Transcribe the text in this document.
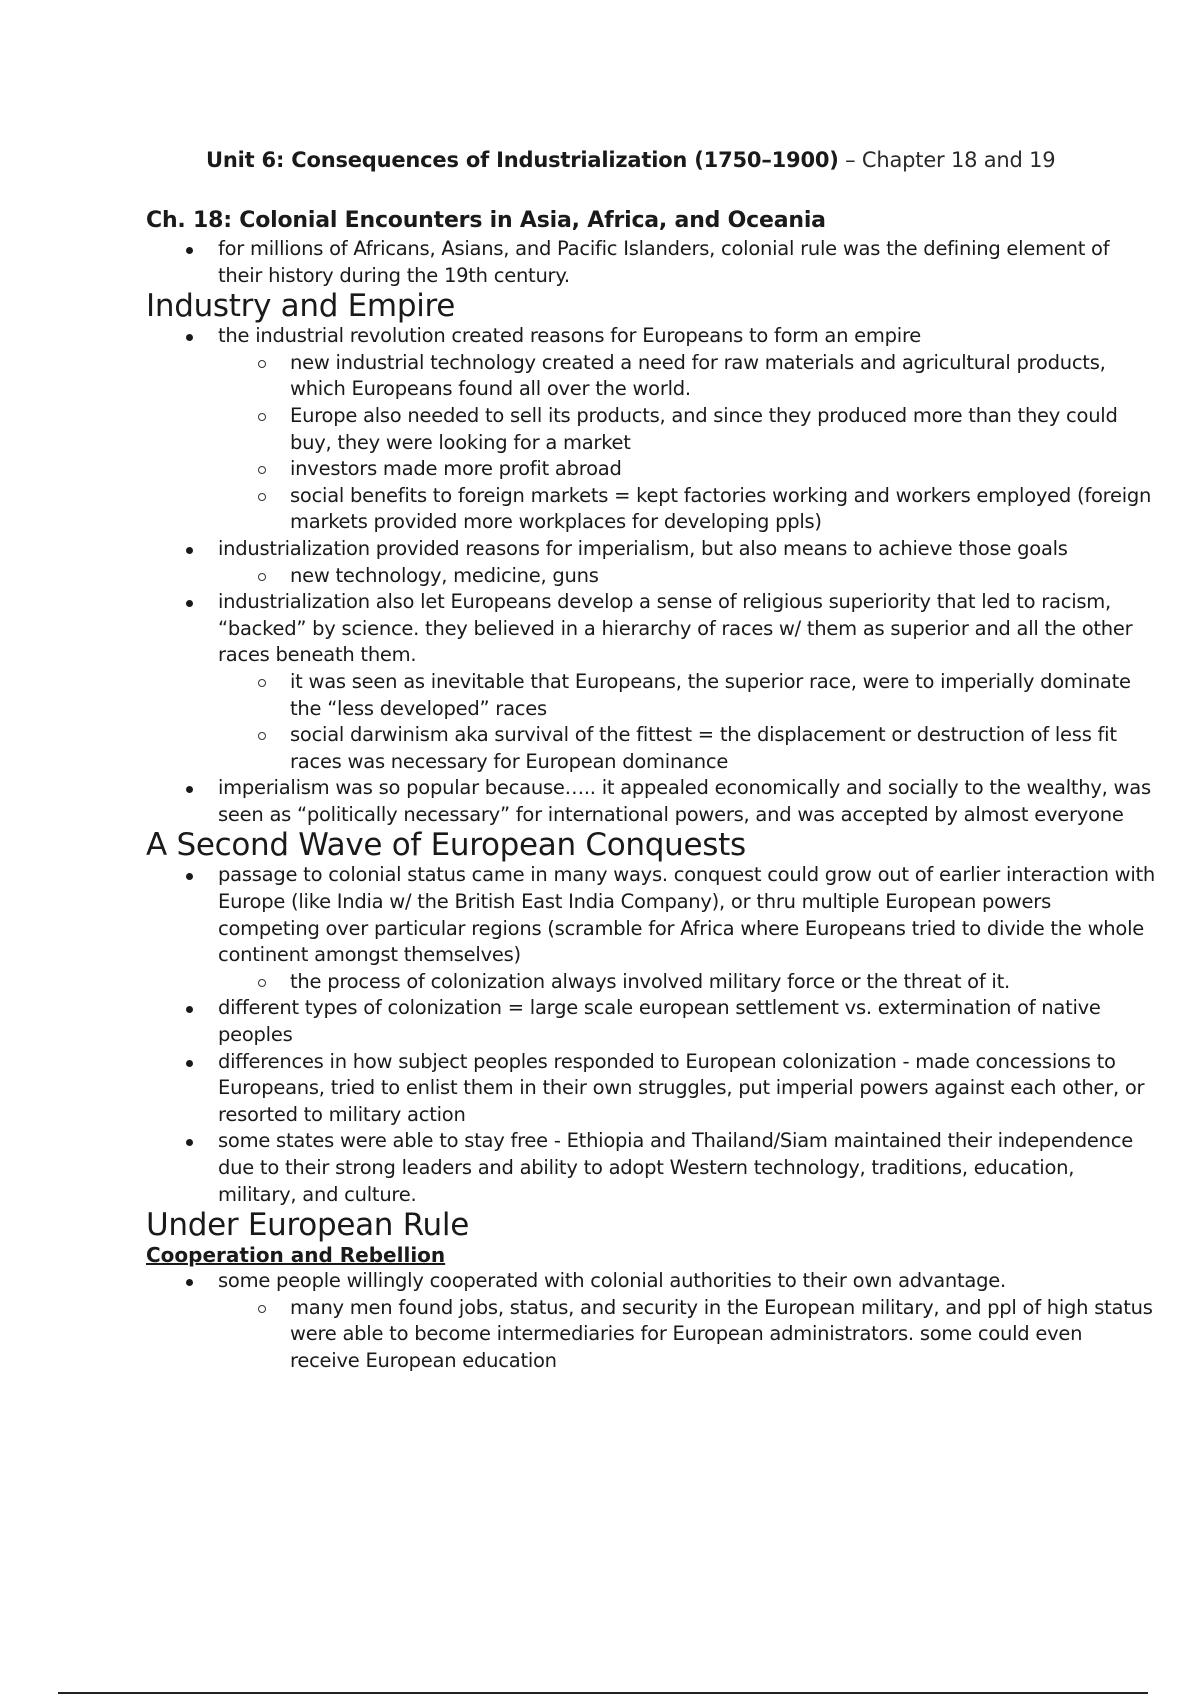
Unit 6: Consequences of Industrialization (1750–1900) – Chapter 18 and 19
Ch. 18: Colonial Encounters in Asia, Africa, and Oceania
for millions of Africans, Asians, and Pacific Islanders, colonial rule was the defining element of their history during the 19th century.
Industry and Empire
the industrial revolution created reasons for Europeans to form an empire
new industrial technology created a need for raw materials and agricultural products, which Europeans found all over the world.
Europe also needed to sell its products, and since they produced more than they could buy, they were looking for a market
investors made more profit abroad
social benefits to foreign markets = kept factories working and workers employed (foreign markets provided more workplaces for developing ppls)
industrialization provided reasons for imperialism, but also means to achieve those goals
new technology, medicine, guns
industrialization also let Europeans develop a sense of religious superiority that led to racism, “backed” by science. they believed in a hierarchy of races w/ them as superior and all the other races beneath them.
it was seen as inevitable that Europeans, the superior race, were to imperially dominate the “less developed” races
social darwinism aka survival of the fittest = the displacement or destruction of less fit races was necessary for European dominance
imperialism was so popular because….. it appealed economically and socially to the wealthy, was seen as “politically necessary” for international powers, and was accepted by almost everyone
A Second Wave of European Conquests
passage to colonial status came in many ways. conquest could grow out of earlier interaction with Europe (like India w/ the British East India Company), or thru multiple European powers competing over particular regions (scramble for Africa where Europeans tried to divide the whole continent amongst themselves)
the process of colonization always involved military force or the threat of it.
different types of colonization = large scale european settlement vs. extermination of native peoples
differences in how subject peoples responded to European colonization - made concessions to Europeans, tried to enlist them in their own struggles, put imperial powers against each other, or resorted to military action
some states were able to stay free - Ethiopia and Thailand/Siam maintained their independence due to their strong leaders and ability to adopt Western technology, traditions, education, military, and culture.
Under European Rule
Cooperation and Rebellion
some people willingly cooperated with colonial authorities to their own advantage.
many men found jobs, status, and security in the European military, and ppl of high status were able to become intermediaries for European administrators. some could even receive European education
